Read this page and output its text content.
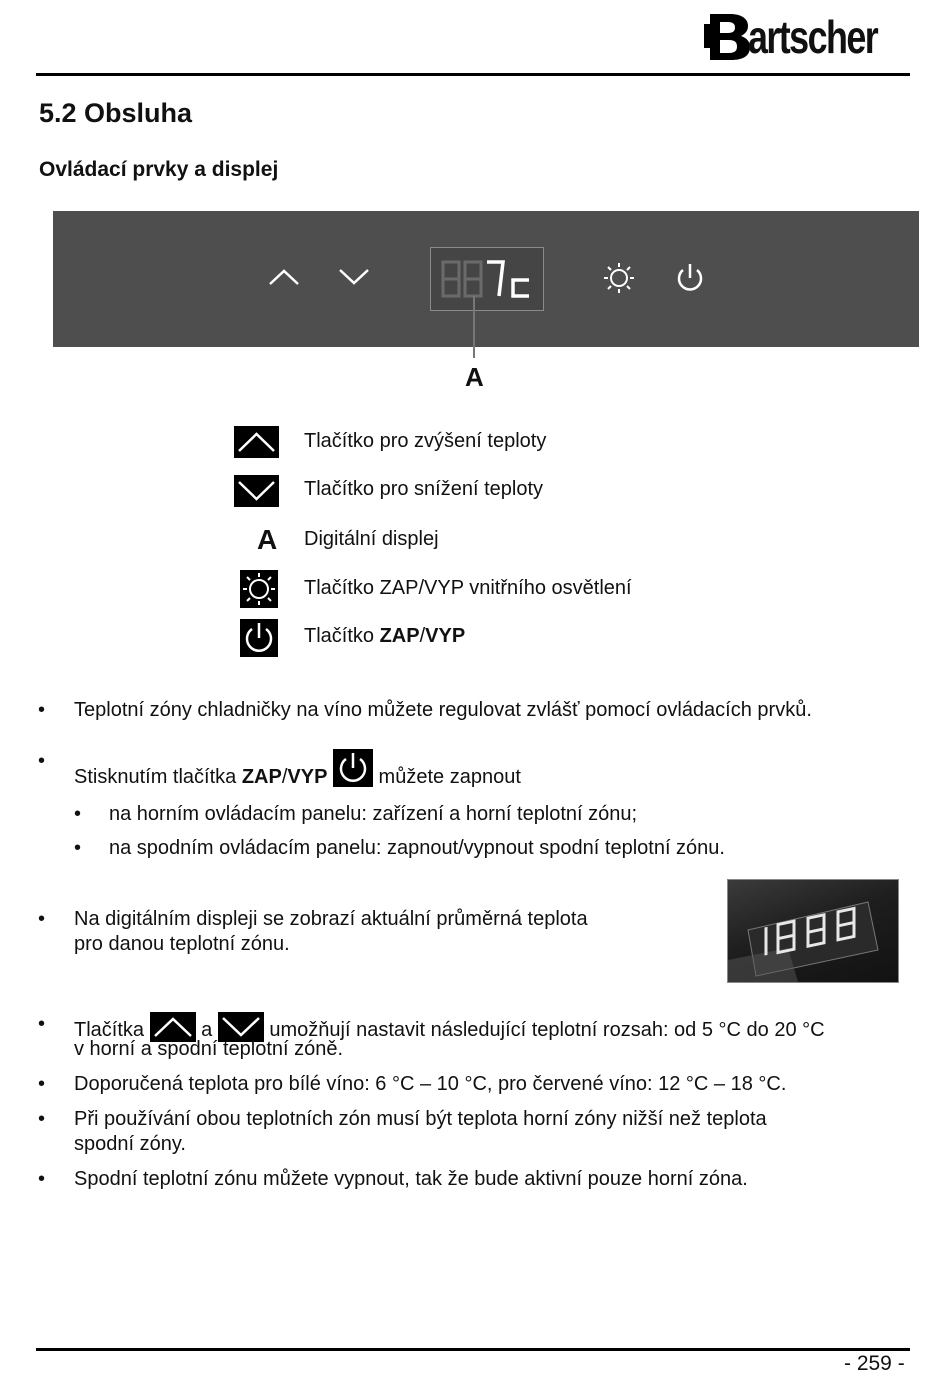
artscher
5.2 Obsluha
Ovládací prvky a displej
A
Tlačítko pro zvýšení teploty
Tlačítko pro snížení teploty
A Digitální displej
Tlačítko ZAP/VYP vnitřního osvětlení
Tlačítko ZAP/VYP
• Teplotní zóny chladničky na víno můžete regulovat zvlášť pomocí ovládacích prvků.
•
Stisknutím tlačítka ZAP/VYP  můžete zapnout
• na horním ovládacím panelu: zařízení a horní teplotní zónu;
• na spodním ovládacím panelu: zapnout/vypnout spodní teplotní zónu.
• Na digitálním displeji se zobrazí aktuální průměrná teplota
pro danou teplotní zónu.
• Tlačítka  a  umožňují nastavit následující teplotní rozsah: od 5 °C do 20 °C
v horní a spodní teplotní zóně.
• Doporučená teplota pro bílé víno: 6 °C – 10 °C, pro červené víno: 12 °C – 18 °C.
• Při používání obou teplotních zón musí být teplota horní zóny nižší než teplota
spodní zóny.
• Spodní teplotní zónu můžete vypnout, tak že bude aktivní pouze horní zóna.
- 259 -
